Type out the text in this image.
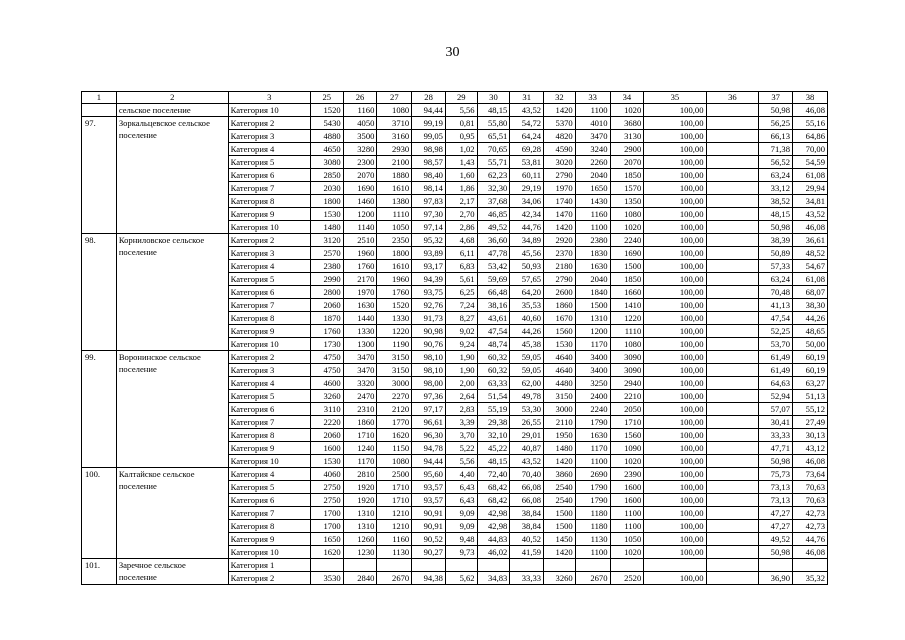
30
1	2	3	25	26	27	28	29	30	31	32	33	34	35	36	37	38
	сельское поселение	Категория 10	1520	1160	1080	94,44	5,56	48,15	43,52	1420	1100	1020	100,00		50,98	46,08
97.	Зоркальцевское сельское поселение	Категория 2	5430	4050	3710	99,19	0,81	55,80	54,72	5370	4010	3680	100,00		56,25	55,16
		Категория 3	4880	3500	3160	99,05	0,95	65,51	64,24	4820	3470	3130	100,00		66,13	64,86
		Категория 4	4650	3280	2930	98,98	1,02	70,65	69,28	4590	3240	2900	100,00		71,38	70,00
		Категория 5	3080	2300	2100	98,57	1,43	55,71	53,81	3020	2260	2070	100,00		56,52	54,59
		Категория 6	2850	2070	1880	98,40	1,60	62,23	60,11	2790	2040	1850	100,00		63,24	61,08
		Категория 7	2030	1690	1610	98,14	1,86	32,30	29,19	1970	1650	1570	100,00		33,12	29,94
		Категория 8	1800	1460	1380	97,83	2,17	37,68	34,06	1740	1430	1350	100,00		38,52	34,81
		Категория 9	1530	1200	1110	97,30	2,70	46,85	42,34	1470	1160	1080	100,00		48,15	43,52
		Категория 10	1480	1140	1050	97,14	2,86	49,52	44,76	1420	1100	1020	100,00		50,98	46,08
98.	Корниловское сельское поселение	Категория 2	3120	2510	2350	95,32	4,68	36,60	34,89	2920	2380	2240	100,00		38,39	36,61
		Категория 3	2570	1960	1800	93,89	6,11	47,78	45,56	2370	1830	1690	100,00		50,89	48,52
		Категория 4	2380	1760	1610	93,17	6,83	53,42	50,93	2180	1630	1500	100,00		57,33	54,67
		Категория 5	2990	2170	1960	94,39	5,61	59,69	57,65	2790	2040	1850	100,00		63,24	61,08
		Категория 6	2800	1970	1760	93,75	6,25	66,48	64,20	2600	1840	1660	100,00		70,48	68,07
		Категория 7	2060	1630	1520	92,76	7,24	38,16	35,53	1860	1500	1410	100,00		41,13	38,30
		Категория 8	1870	1440	1330	91,73	8,27	43,61	40,60	1670	1310	1220	100,00		47,54	44,26
		Категория 9	1760	1330	1220	90,98	9,02	47,54	44,26	1560	1200	1110	100,00		52,25	48,65
		Категория 10	1730	1300	1190	90,76	9,24	48,74	45,38	1530	1170	1080	100,00		53,70	50,00
99.	Воронинское сельское поселение	Категория 2	4750	3470	3150	98,10	1,90	60,32	59,05	4640	3400	3090	100,00		61,49	60,19
		Категория 3	4750	3470	3150	98,10	1,90	60,32	59,05	4640	3400	3090	100,00		61,49	60,19
		Категория 4	4600	3320	3000	98,00	2,00	63,33	62,00	4480	3250	2940	100,00		64,63	63,27
		Категория 5	3260	2470	2270	97,36	2,64	51,54	49,78	3150	2400	2210	100,00		52,94	51,13
		Категория 6	3110	2310	2120	97,17	2,83	55,19	53,30	3000	2240	2050	100,00		57,07	55,12
		Категория 7	2220	1860	1770	96,61	3,39	29,38	26,55	2110	1790	1710	100,00		30,41	27,49
		Категория 8	2060	1710	1620	96,30	3,70	32,10	29,01	1950	1630	1560	100,00		33,33	30,13
		Категория 9	1600	1240	1150	94,78	5,22	45,22	40,87	1480	1170	1090	100,00		47,71	43,12
		Категория 10	1530	1170	1080	94,44	5,56	48,15	43,52	1420	1100	1020	100,00		50,98	46,08
100.	Калтайское сельское поселение	Категория 4	4060	2810	2500	95,60	4,40	72,40	70,40	3860	2690	2390	100,00		75,73	73,64
		Категория 5	2750	1920	1710	93,57	6,43	68,42	66,08	2540	1790	1600	100,00		73,13	70,63
		Категория 6	2750	1920	1710	93,57	6,43	68,42	66,08	2540	1790	1600	100,00		73,13	70,63
		Категория 7	1700	1310	1210	90,91	9,09	42,98	38,84	1500	1180	1100	100,00		47,27	42,73
		Категория 8	1700	1310	1210	90,91	9,09	42,98	38,84	1500	1180	1100	100,00		47,27	42,73
		Категория 9	1650	1260	1160	90,52	9,48	44,83	40,52	1450	1130	1050	100,00		49,52	44,76
		Категория 10	1620	1230	1130	90,27	9,73	46,02	41,59	1420	1100	1020	100,00		50,98	46,08
101.	Заречное сельское поселение	Категория 1														
		Категория 2	3530	2840	2670	94,38	5,62	34,83	33,33	3260	2670	2520	100,00		36,90	35,32
